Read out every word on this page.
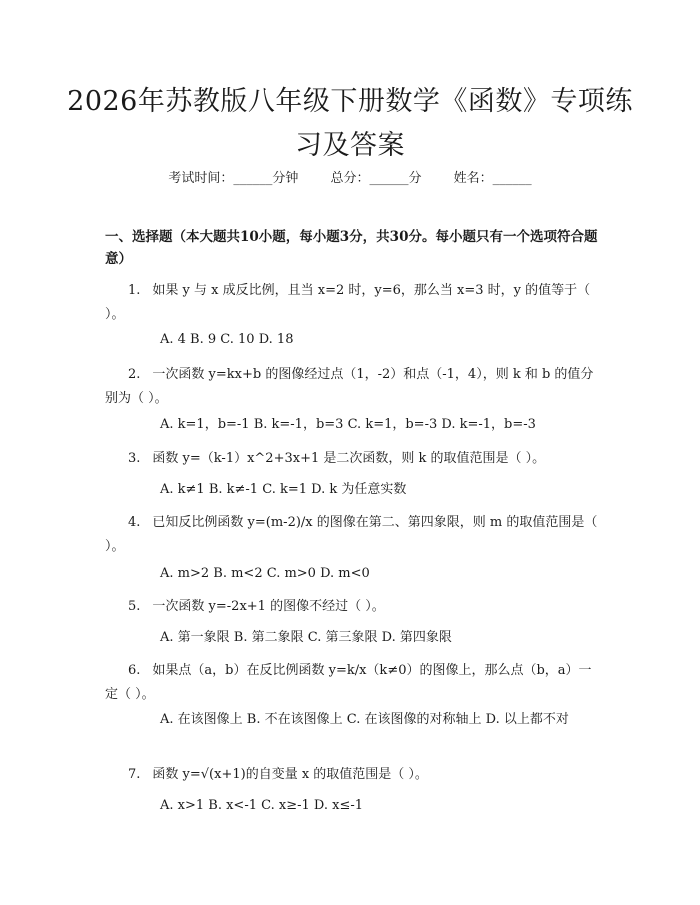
2026年苏教版八年级下册数学《函数》专项练习及答案
考试时间：______分钟 总分：______分 姓名：______
一、选择题（本大题共10小题，每小题3分，共30分。每小题只有一个选项符合题意）
1. 如果 y 与 x 成反比例，且当 x=2 时，y=6，那么当 x=3 时，y 的值等于（ ）。
A. 4 B. 9 C. 10 D. 18
2. 一次函数 y=kx+b 的图像经过点（1，-2）和点（-1，4），则 k 和 b 的值分别为（ ）。
A. k=1，b=-1 B. k=-1，b=3 C. k=1，b=-3 D. k=-1，b=-3
3. 函数 y=（k-1）x^2+3x+1 是二次函数，则 k 的取值范围是（ ）。
A. k≠1 B. k≠-1 C. k=1 D. k 为任意实数
4. 已知反比例函数 y=(m-2)/x 的图像在第二、第四象限，则 m 的取值范围是（ ）。
A. m>2 B. m<2 C. m>0 D. m<0
5. 一次函数 y=-2x+1 的图像不经过（ ）。
A. 第一象限 B. 第二象限 C. 第三象限 D. 第四象限
6. 如果点（a，b）在反比例函数 y=k/x（k≠0）的图像上，那么点（b，a）一定（ ）。
A. 在该图像上 B. 不在该图像上 C. 在该图像的对称轴上 D. 以上都不对
7. 函数 y=√(x+1)的自变量 x 的取值范围是（ ）。
A. x>1 B. x<-1 C. x≥-1 D. x≤-1
